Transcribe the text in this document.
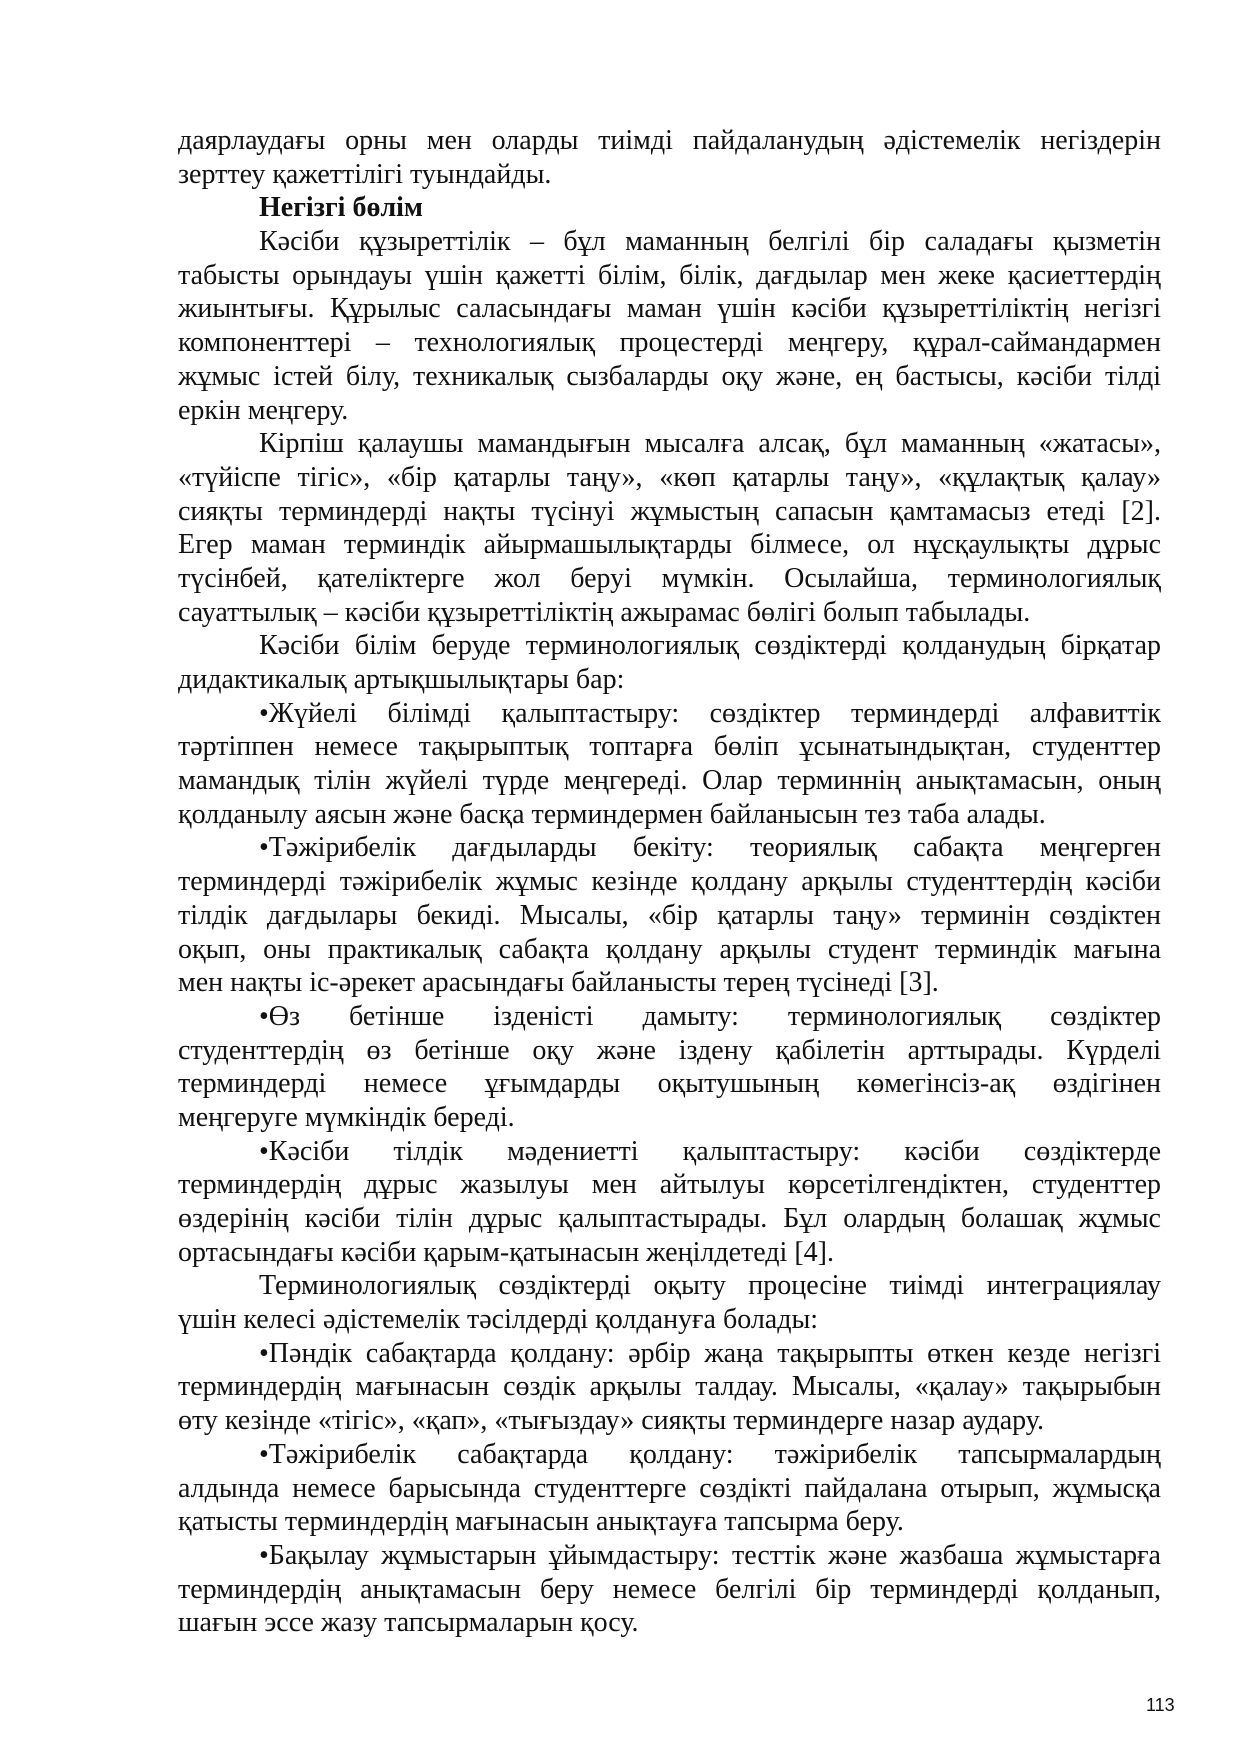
даярлаудағы орны мен оларды тиімді пайдаланудың әдістемелік негіздерін
зерттеу қажеттілігі туындайды.
Негізгі бөлім
Кәсіби құзыреттілік – бұл маманның белгілі бір саладағы қызметін
табысты орындауы үшін қажетті білім, білік, дағдылар мен жеке қасиеттердің
жиынтығы. Құрылыс саласындағы маман үшін кәсіби құзыреттіліктің негізгі
компоненттері – технологиялық процестерді меңгеру, құрал-саймандармен
жұмыс істей білу, техникалық сызбаларды оқу және, ең бастысы, кәсіби тілді
еркін меңгеру.
Кірпіш қалаушы мамандығын мысалға алсақ, бұл маманның «жатасы»,
«түйіспе тігіс», «бір қатарлы таңу», «көп қатарлы таңу», «құлақтық қалау»
сияқты терминдерді нақты түсінуі жұмыстың сапасын қамтамасыз етеді [2].
Егер маман терминдік айырмашылықтарды білмесе, ол нұсқаулықты дұрыс
түсінбей, қателіктерге жол беруі мүмкін. Осылайша, терминологиялық
сауаттылық – кәсіби құзыреттіліктің ажырамас бөлігі болып табылады.
Кәсіби білім беруде терминологиялық сөздіктерді қолданудың бірқатар
дидактикалық артықшылықтары бар:
•Жүйелі білімді қалыптастыру: сөздіктер терминдерді алфавиттік
тәртіппен немесе тақырыптық топтарға бөліп ұсынатындықтан, студенттер
мамандық тілін жүйелі түрде меңгереді. Олар терминнің анықтамасын, оның
қолданылу аясын және басқа терминдермен байланысын тез таба алады.
•Тәжірибелік дағдыларды бекіту: теориялық сабақта меңгерген
терминдерді тәжірибелік жұмыс кезінде қолдану арқылы студенттердің кәсіби
тілдік дағдылары бекиді. Мысалы, «бір қатарлы таңу» терминін сөздіктен
оқып, оны практикалық сабақта қолдану арқылы студент терминдік мағына
мен нақты іс-әрекет арасындағы байланысты терең түсінеді [3].
•Өз бетінше ізденісті дамыту: терминологиялық сөздіктер
студенттердің өз бетінше оқу және іздену қабілетін арттырады. Күрделі
терминдерді немесе ұғымдарды оқытушының көмегінсіз-ақ өздігінен
меңгеруге мүмкіндік береді.
•Кәсіби тілдік мәдениетті қалыптастыру: кәсіби сөздіктерде
терминдердің дұрыс жазылуы мен айтылуы көрсетілгендіктен, студенттер
өздерінің кәсіби тілін дұрыс қалыптастырады. Бұл олардың болашақ жұмыс
ортасындағы кәсіби қарым-қатынасын жеңілдетеді [4].
Терминологиялық сөздіктерді оқыту процесіне тиімді интеграциялау
үшін келесі әдістемелік тәсілдерді қолдануға болады:
•Пәндік сабақтарда қолдану: әрбір жаңа тақырыпты өткен кезде негізгі
терминдердің мағынасын сөздік арқылы талдау. Мысалы, «қалау» тақырыбын
өту кезінде «тігіс», «қап», «тығыздау» сияқты терминдерге назар аудару.
•Тәжірибелік сабақтарда қолдану: тәжірибелік тапсырмалардың
алдында немесе барысында студенттерге сөздікті пайдалана отырып, жұмысқа
қатысты терминдердің мағынасын анықтауға тапсырма беру.
•Бақылау жұмыстарын ұйымдастыру: тесттік және жазбаша жұмыстарға
терминдердің анықтамасын беру немесе белгілі бір терминдерді қолданып,
шағын эссе жазу тапсырмаларын қосу.
113
